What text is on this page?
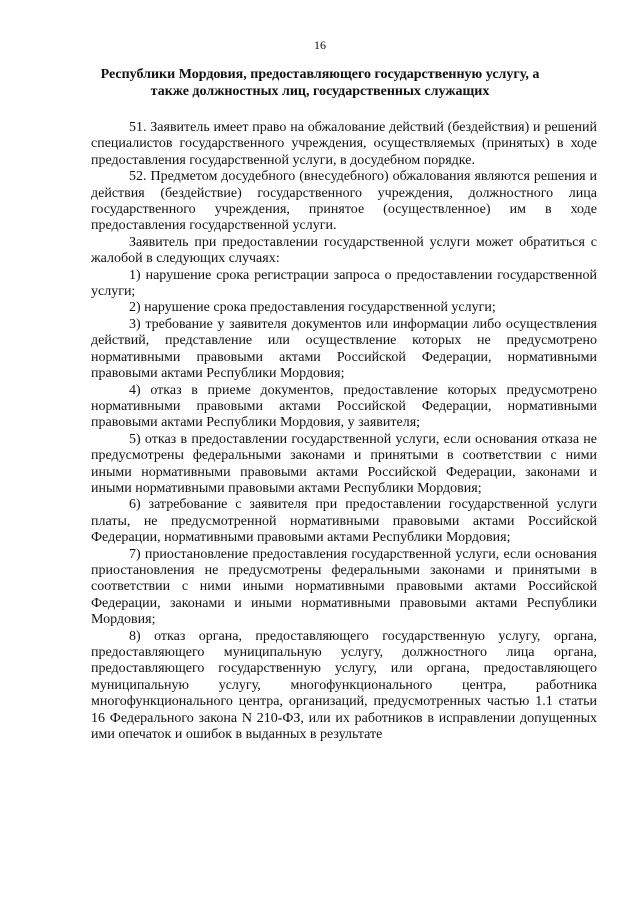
16
Республики Мордовия, предоставляющего государственную услугу, а также должностных лиц, государственных служащих

51. Заявитель имеет право на обжалование действий (бездействия) и решений специалистов государственного учреждения, осуществляемых (принятых) в ходе предоставления государственной услуги, в досудебном порядке.

52. Предметом досудебного (внесудебного) обжалования являются решения и действия (бездействие) государственного учреждения, должностного лица государственного учреждения, принятое (осуществленное) им в ходе предоставления государственной услуги.

Заявитель при предоставлении государственной услуги может обратиться с жалобой в следующих случаях:

1) нарушение срока регистрации запроса о предоставлении государственной услуги;

2) нарушение срока предоставления государственной услуги;

3) требование у заявителя документов или информации либо осуществления действий, представление или осуществление которых не предусмотрено нормативными правовыми актами Российской Федерации, нормативными правовыми актами Республики Мордовия;

4) отказ в приеме документов, предоставление которых предусмотрено нормативными правовыми актами Российской Федерации, нормативными правовыми актами Республики Мордовия, у заявителя;

5) отказ в предоставлении государственной услуги, если основания отказа не предусмотрены федеральными законами и принятыми в соответствии с ними иными нормативными правовыми актами Российской Федерации, законами и иными нормативными правовыми актами Республики Мордовия;

6) затребование с заявителя при предоставлении государственной услуги платы, не предусмотренной нормативными правовыми актами Российской Федерации, нормативными правовыми актами Республики Мордовия;

7) приостановление предоставления государственной услуги, если основания приостановления не предусмотрены федеральными законами и принятыми в соответствии с ними иными нормативными правовыми актами Российской Федерации, законами и иными нормативными правовыми актами Республики Мордовия;

8) отказ органа, предоставляющего государственную услугу, органа, предоставляющего муниципальную услугу, должностного лица органа, предоставляющего государственную услугу, или органа, предоставляющего муниципальную услугу, многофункционального центра, работника многофункционального центра, организаций, предусмотренных частью 1.1 статьи 16 Федерального закона N 210-ФЗ, или их работников в исправлении допущенных ими опечаток и ошибок в выданных в результате
